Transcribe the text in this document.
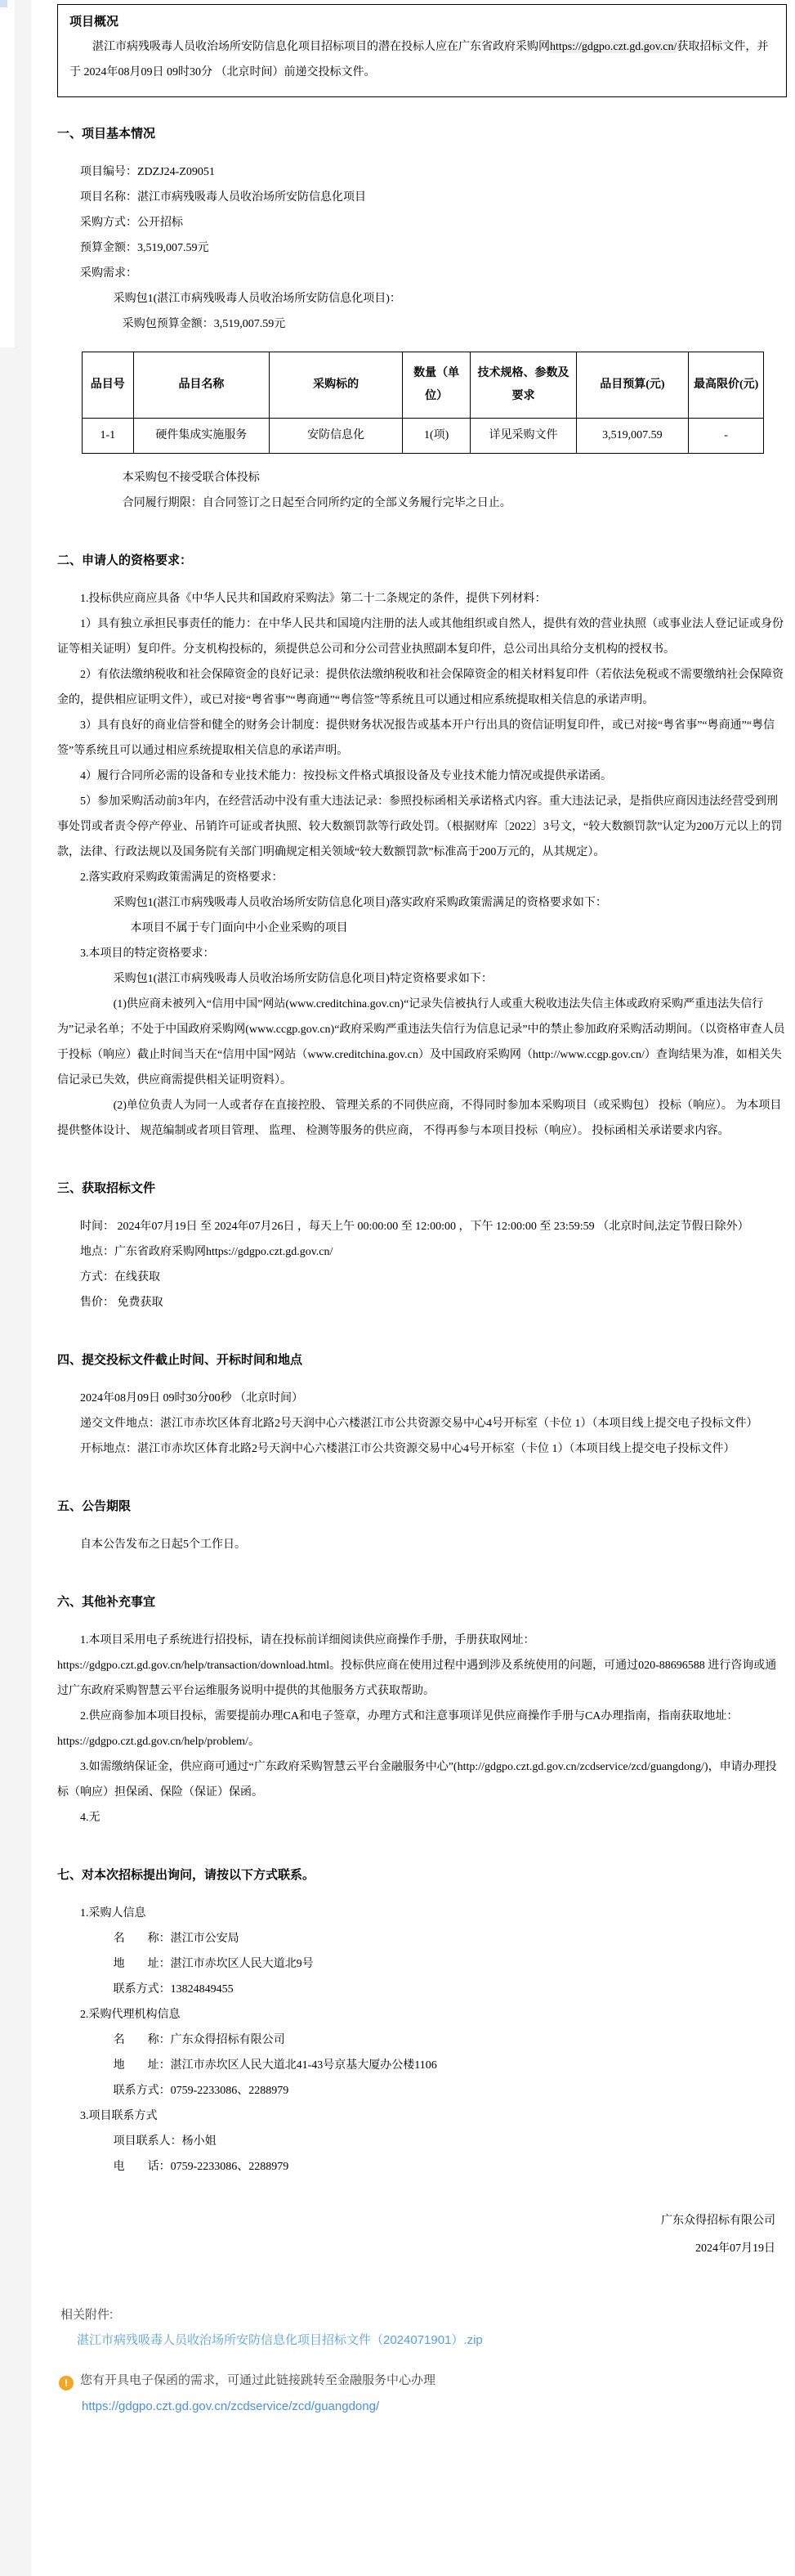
项目概况

湛江市病残吸毒人员收治场所安防信息化项目招标项目的潜在投标人应在广东省政府采购网https://gdgpo.czt.gd.gov.cn/获取招标文件，并于 2024年08月09日 09时30分 （北京时间）前递交投标文件。

一、项目基本情况

项目编号：ZDZJ24-Z09051

项目名称：湛江市病残吸毒人员收治场所安防信息化项目

采购方式：公开招标

预算金额：3,519,007.59元

采购需求：

采购包1(湛江市病残吸毒人员收治场所安防信息化项目)：

采购包预算金额：3,519,007.59元

品目号	品目名称	采购标的	数量（单位）	技术规格、参数及要求	品目预算(元)	最高限价(元)
1-1	硬件集成实施服务	安防信息化	1(项)	详见采购文件	3,519,007.59	-

本采购包不接受联合体投标

合同履行期限：自合同签订之日起至合同所约定的全部义务履行完毕之日止。

二、申请人的资格要求：

1.投标供应商应具备《中华人民共和国政府采购法》第二十二条规定的条件，提供下列材料：

1）具有独立承担民事责任的能力：在中华人民共和国境内注册的法人或其他组织或自然人，提供有效的营业执照（或事业法人登记证或身份证等相关证明）复印件。分支机构投标的，须提供总公司和分公司营业执照副本复印件，总公司出具给分支机构的授权书。

2）有依法缴纳税收和社会保障资金的良好记录：提供依法缴纳税收和社会保障资金的相关材料复印件（若依法免税或不需要缴纳社会保障资金的，提供相应证明文件），或已对接“粤省事”“粤商通”“粤信签”等系统且可以通过相应系统提取相关信息的承诺声明。

3）具有良好的商业信誉和健全的财务会计制度：提供财务状况报告或基本开户行出具的资信证明复印件，或已对接“粤省事”“粤商通”“粤信签”等系统且可以通过相应系统提取相关信息的承诺声明。

4）履行合同所必需的设备和专业技术能力：按投标文件格式填报设备及专业技术能力情况或提供承诺函。

5）参加采购活动前3年内，在经营活动中没有重大违法记录：参照投标函相关承诺格式内容。重大违法记录，是指供应商因违法经营受到刑事处罚或者责令停产停业、吊销许可证或者执照、较大数额罚款等行政处罚。（根据财库〔2022〕3号文，“较大数额罚款”认定为200万元以上的罚款，法律、行政法规以及国务院有关部门明确规定相关领域“较大数额罚款”标准高于200万元的，从其规定）。

2.落实政府采购政策需满足的资格要求：

采购包1(湛江市病残吸毒人员收治场所安防信息化项目)落实政府采购政策需满足的资格要求如下：

本项目不属于专门面向中小企业采购的项目

3.本项目的特定资格要求：

采购包1(湛江市病残吸毒人员收治场所安防信息化项目)特定资格要求如下：

(1)供应商未被列入“信用中国”网站(www.creditchina.gov.cn)“记录失信被执行人或重大税收违法失信主体或政府采购严重违法失信行为”记录名单；不处于中国政府采购网(www.ccgp.gov.cn)“政府采购严重违法失信行为信息记录”中的禁止参加政府采购活动期间。（以资格审查人员于投标（响应）截止时间当天在“信用中国”网站（www.creditchina.gov.cn）及中国政府采购网（http://www.ccgp.gov.cn/）查询结果为准，如相关失信记录已失效，供应商需提供相关证明资料）。

(2)单位负责人为同一人或者存在直接控股、 管理关系的不同供应商，不得同时参加本采购项目（或采购包） 投标（响应）。 为本项目提供整体设计、 规范编制或者项目管理、 监理、 检测等服务的供应商， 不得再参与本项目投标（响应）。 投标函相关承诺要求内容。

三、获取招标文件

时间： 2024年07月19日 至 2024年07月26日 ，每天上午 00:00:00 至 12:00:00 ，下午 12:00:00 至 23:59:59 （北京时间,法定节假日除外）

地点：广东省政府采购网https://gdgpo.czt.gd.gov.cn/

方式：在线获取

售价： 免费获取

四、提交投标文件截止时间、开标时间和地点

2024年08月09日 09时30分00秒 （北京时间）

递交文件地点：湛江市赤坎区体育北路2号天润中心六楼湛江市公共资源交易中心4号开标室（卡位 1）（本项目线上提交电子投标文件）

开标地点：湛江市赤坎区体育北路2号天润中心六楼湛江市公共资源交易中心4号开标室（卡位 1）（本项目线上提交电子投标文件）

五、公告期限

自本公告发布之日起5个工作日。

六、其他补充事宜

1.本项目采用电子系统进行招投标，请在投标前详细阅读供应商操作手册，手册获取网址：https://gdgpo.czt.gd.gov.cn/help/transaction/download.html。投标供应商在使用过程中遇到涉及系统使用的问题，可通过020-88696588 进行咨询或通过广东政府采购智慧云平台运维服务说明中提供的其他服务方式获取帮助。

2.供应商参加本项目投标，需要提前办理CA和电子签章，办理方式和注意事项详见供应商操作手册与CA办理指南，指南获取地址：https://gdgpo.czt.gd.gov.cn/help/problem/。

3.如需缴纳保证金，供应商可通过“广东政府采购智慧云平台金融服务中心”(http://gdgpo.czt.gd.gov.cn/zcdservice/zcd/guangdong/)，申请办理投标（响应）担保函、保险（保证）保函。

4.无

七、对本次招标提出询问，请按以下方式联系。

1.采购人信息

名　　称：湛江市公安局

地　　址：湛江市赤坎区人民大道北9号

联系方式：13824849455

2.采购代理机构信息

名　　称：广东众得招标有限公司

地　　址：湛江市赤坎区人民大道北41-43号京基大厦办公楼1106

联系方式：0759-2233086、2288979

3.项目联系方式

项目联系人：杨小姐

电　　话：0759-2233086、2288979

广东众得招标有限公司

2024年07月19日

相关附件:
湛江市病残吸毒人员收治场所安防信息化项目招标文件（2024071901）.zip
! 您有开具电子保函的需求，可通过此链接跳转至金融服务中心办理
https://gdgpo.czt.gd.gov.cn/zcdservice/zcd/guangdong/
